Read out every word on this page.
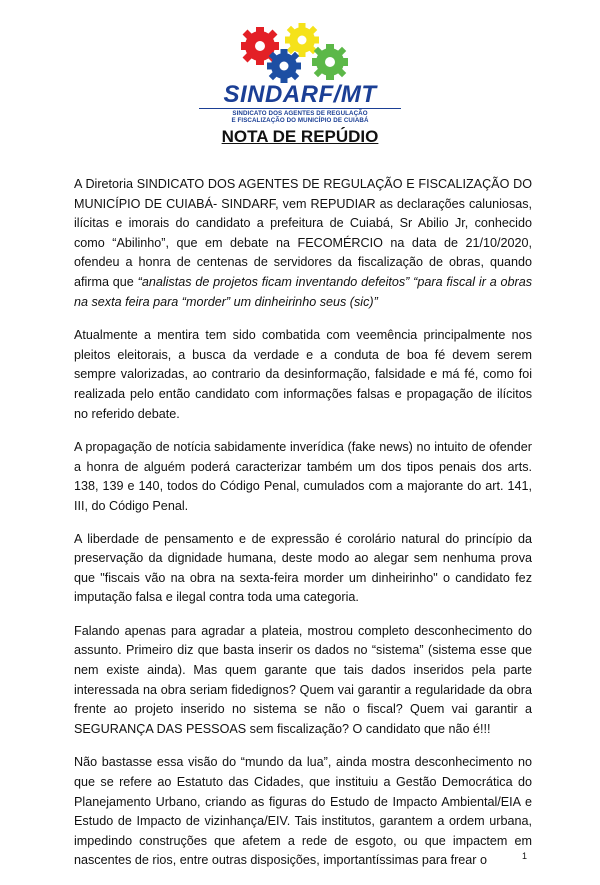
SINDARF/MT
SINDICATO DOS AGENTES DE REGULAÇÃO
E FISCALIZAÇÃO DO MUNICÍPIO DE CUIABÁ
NOTA DE REPÚDIO

A Diretoria SINDICATO DOS AGENTES DE REGULAÇÃO E FISCALIZAÇÃO DO MUNICÍPIO DE CUIABÁ- SINDARF, vem REPUDIAR as declarações caluniosas, ilícitas e imorais do candidato a prefeitura de Cuiabá, Sr Abilio Jr, conhecido como “Abilinho”, que em debate na FECOMÉRCIO na data de 21/10/2020, ofendeu a honra de centenas de servidores da fiscalização de obras, quando afirma que “analistas de projetos ficam inventando defeitos” “para fiscal ir a obras na sexta feira para “morder” um dinheirinho seus (sic)”

Atualmente a mentira tem sido combatida com veemência principalmente nos pleitos eleitorais, a busca da verdade e a conduta de boa fé devem serem sempre valorizadas, ao contrario da desinformação, falsidade e má fé, como foi realizada pelo então candidato com informações falsas e propagação de ilícitos no referido debate.

A propagação de notícia sabidamente inverídica (fake news) no intuito de ofender a honra de alguém poderá caracterizar também um dos tipos penais dos arts. 138, 139 e 140, todos do Código Penal, cumulados com a majorante do art. 141, III, do Código Penal.

A liberdade de pensamento e de expressão é corolário natural do princípio da preservação da dignidade humana, deste modo ao alegar sem nenhuma prova que "fiscais vão na obra na sexta-feira morder um dinheirinho" o candidato fez imputação falsa e ilegal contra toda uma categoria.

Falando apenas para agradar a plateia, mostrou completo desconhecimento do assunto. Primeiro diz que basta inserir os dados no “sistema” (sistema esse que nem existe ainda). Mas quem garante que tais dados inseridos pela parte interessada na obra seriam fidedignos? Quem vai garantir a regularidade da obra frente ao projeto inserido no sistema se não o fiscal? Quem vai garantir a SEGURANÇA DAS PESSOAS sem fiscalização? O candidato que não é!!!

Não bastasse essa visão do “mundo da lua”, ainda mostra desconhecimento no que se refere ao Estatuto das Cidades, que instituiu a Gestão Democrática do Planejamento Urbano, criando as figuras do Estudo de Impacto Ambiental/EIA e Estudo de Impacto de vizinhança/EIV. Tais institutos, garantem a ordem urbana, impedindo construções que afetem a rede de esgoto, ou que impactem em nascentes de rios, entre outras disposições, importantíssimas para frear o	1
